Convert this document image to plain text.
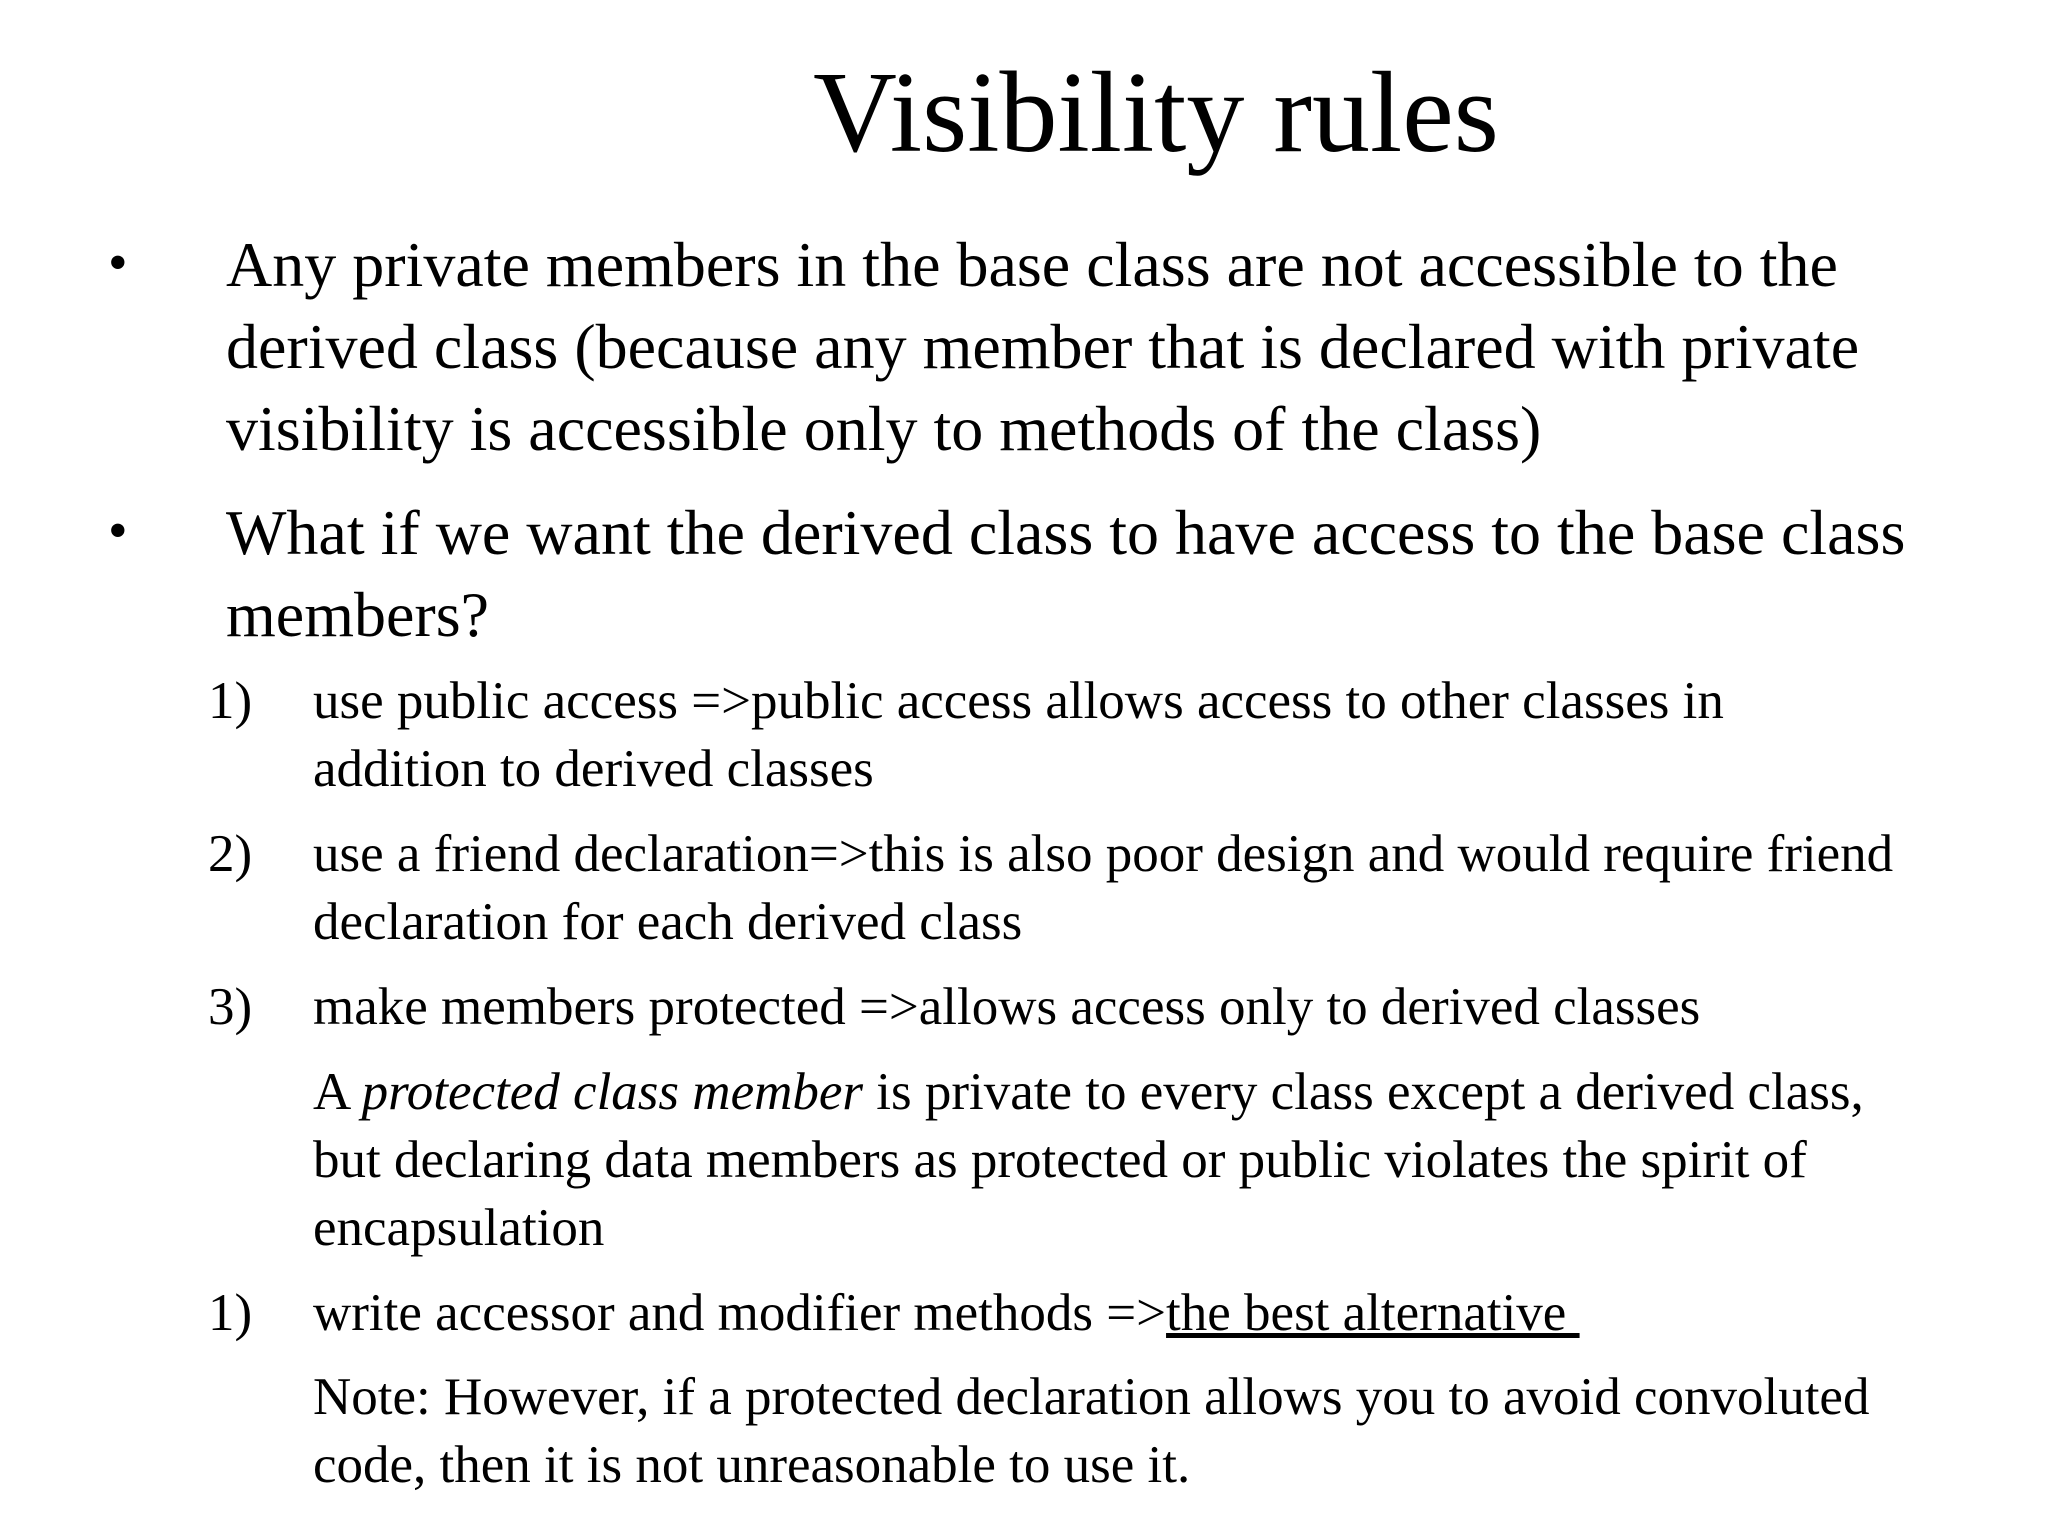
Visibility rules
• Any private members in the base class are not accessible to the
derived class (because any member that is declared with private
visibility is accessible only to methods of the class)
• What if we want the derived class to have access to the base class
members?
1) use public access =>public access allows access to other classes in
addition to derived classes
2) use a friend declaration=>this is also poor design and would require friend
declaration for each derived class
3) make members protected =>allows access only to derived classes
A protected class member is private to every class except a derived class,
but declaring data members as protected or public violates the spirit of
encapsulation
1) write accessor and modifier methods =>the best alternative
Note: However, if a protected declaration allows you to avoid convoluted
code, then it is not unreasonable to use it.
